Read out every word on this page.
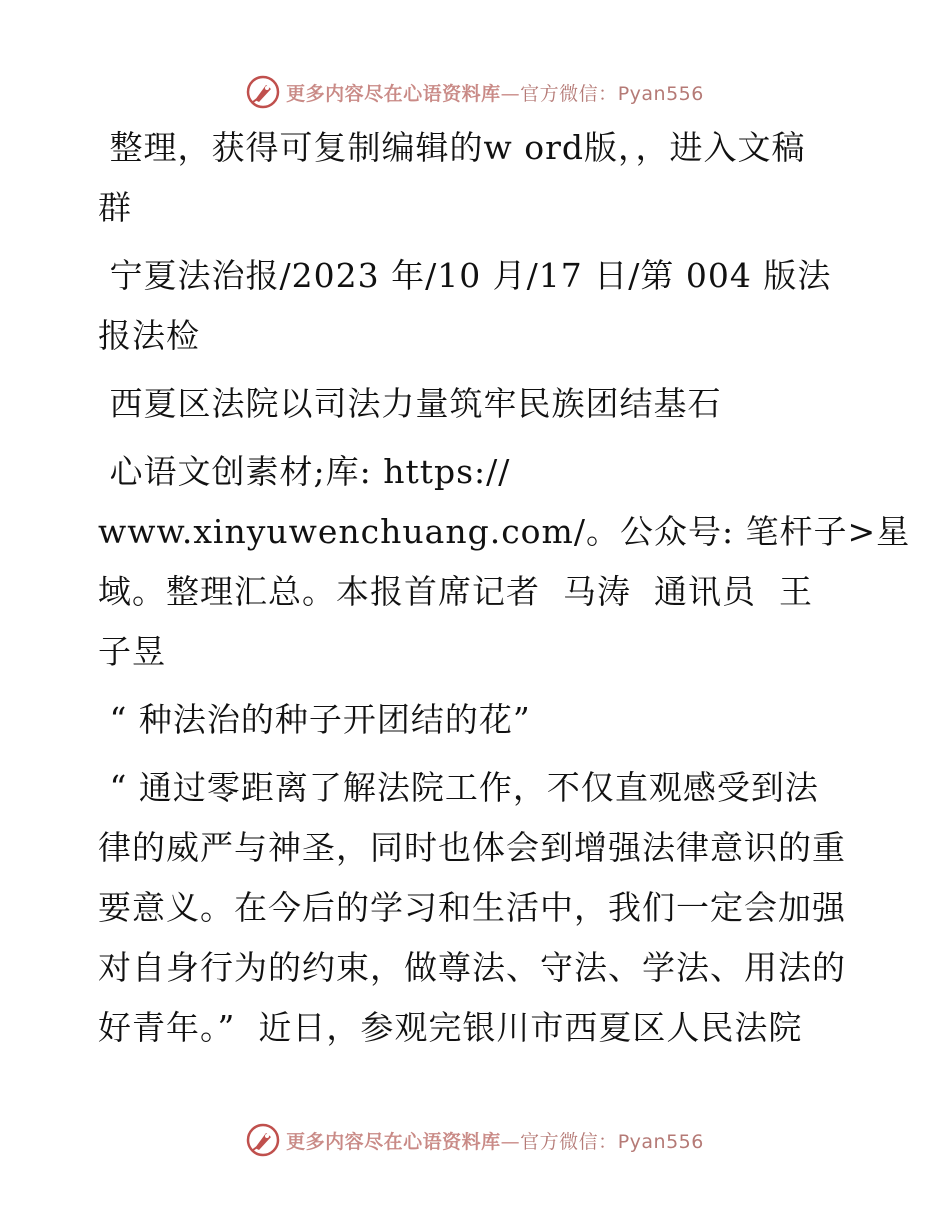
更多内容尽在心语资料库—官方微信：Pyan556

整理，获得可复制编辑的w ord版，，进入文稿
群

宁夏法治报/2023 年/10 月/17 日/第 004 版法
报法检

西夏区法院以司法力量筑牢民族团结基石

心语文创素材;库: https://
www.xinyuwenchuang.com/。公众号: 笔杆子>星
域。整理汇总。本报首席记者  马涛  通讯员  王
子昱

“ 种法治的种子开团结的花”

“ 通过零距离了解法院工作，不仅直观感受到法
律的威严与神圣，同时也体会到增强法律意识的重
要意义。在今后的学习和生活中，我们一定会加强
对自身行为的约束，做尊法、守法、学法、用法的
好青年。”  近日，参观完银川市西夏区人民法院

更多内容尽在心语资料库—官方微信：Pyan556
